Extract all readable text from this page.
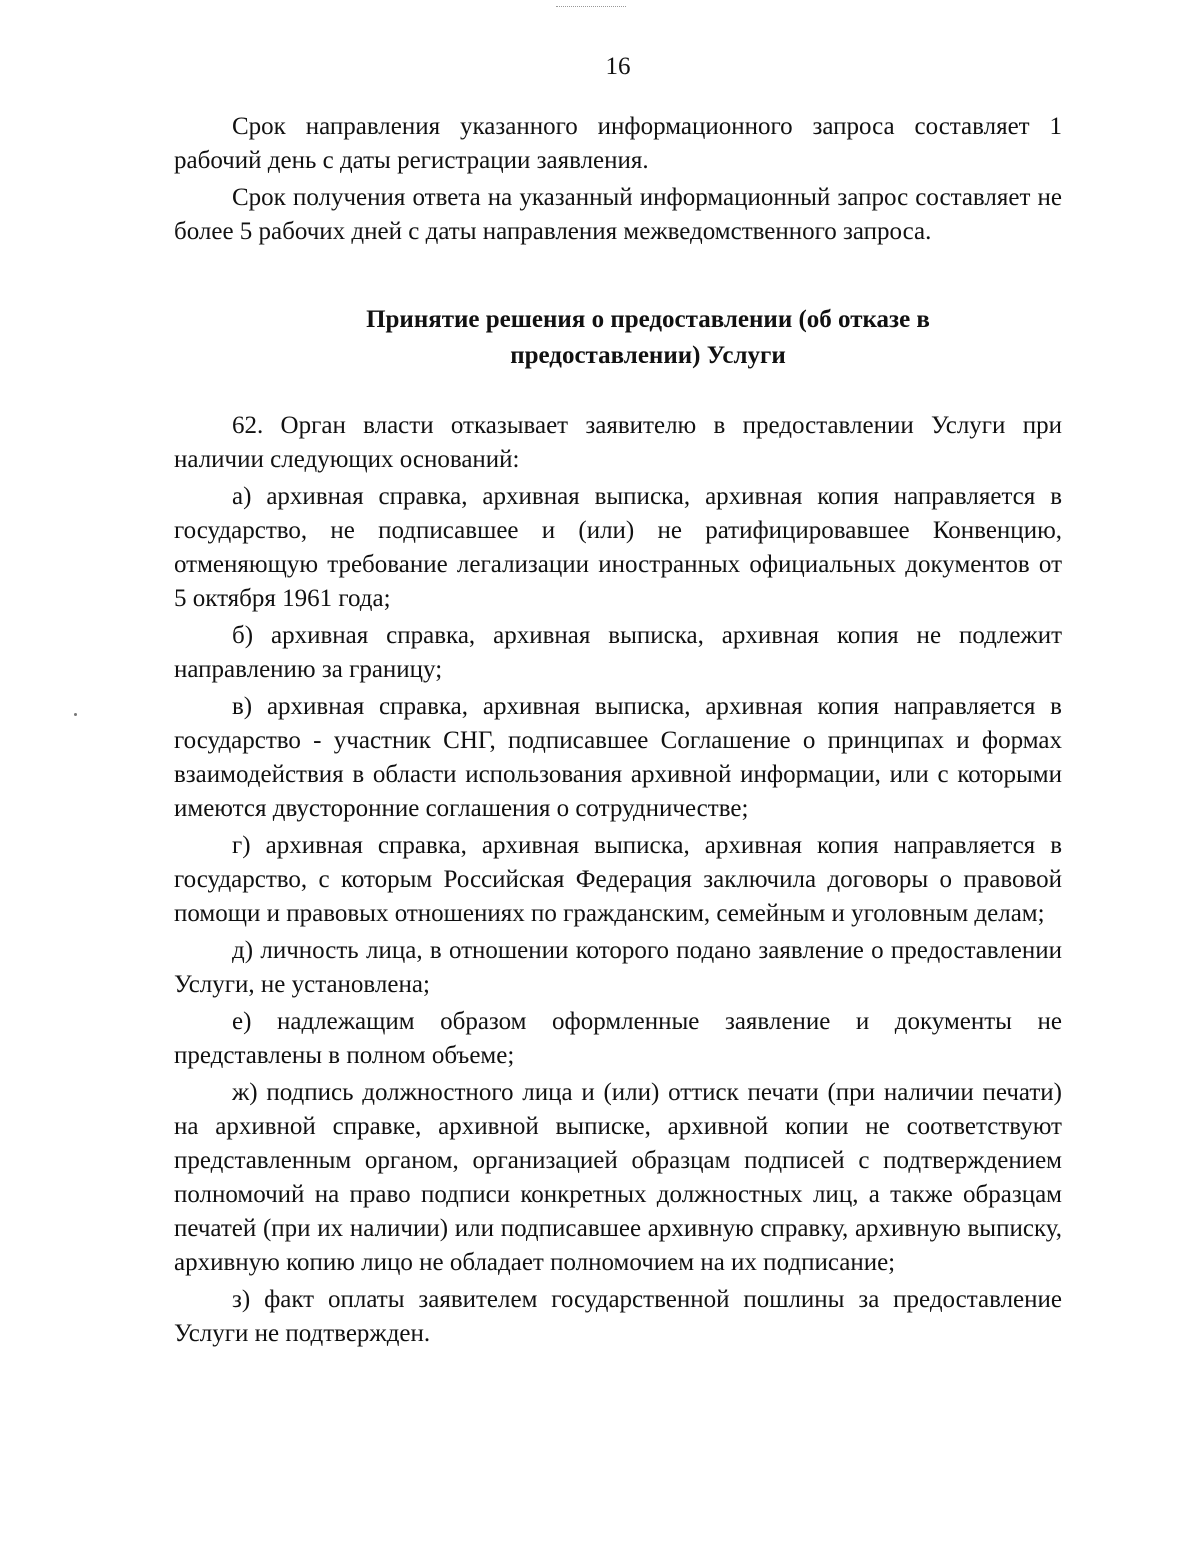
16

Срок направления указанного информационного запроса составляет 1 рабочий день с даты регистрации заявления.

Срок получения ответа на указанный информационный запрос составляет не более 5 рабочих дней с даты направления межведомственного запроса.

Принятие решения о предоставлении (об отказе в
предоставлении) Услуги

62. Орган власти отказывает заявителю в предоставлении Услуги при наличии следующих оснований:

а) архивная справка, архивная выписка, архивная копия направляется в государство, не подписавшее и (или) не ратифицировавшее Конвенцию, отменяющую требование легализации иностранных официальных документов от 5 октября 1961 года;

б) архивная справка, архивная выписка, архивная копия не подлежит направлению за границу;

в) архивная справка, архивная выписка, архивная копия направляется в государство - участник СНГ, подписавшее Соглашение о принципах и формах взаимодействия в области использования архивной информации, или с которыми имеются двусторонние соглашения о сотрудничестве;

г) архивная справка, архивная выписка, архивная копия направляется в государство, с которым Российская Федерация заключила договоры о правовой помощи и правовых отношениях по гражданским, семейным и уголовным делам;

д) личность лица, в отношении которого подано заявление о предоставлении Услуги, не установлена;

е) надлежащим образом оформленные заявление и документы не представлены в полном объеме;

ж) подпись должностного лица и (или) оттиск печати (при наличии печати) на архивной справке, архивной выписке, архивной копии не соответствуют представленным органом, организацией образцам подписей с подтверждением полномочий на право подписи конкретных должностных лиц, а также образцам печатей (при их наличии) или подписавшее архивную справку, архивную выписку, архивную копию лицо не обладает полномочием на их подписание;

з) факт оплаты заявителем государственной пошлины за предоставление Услуги не подтвержден.
